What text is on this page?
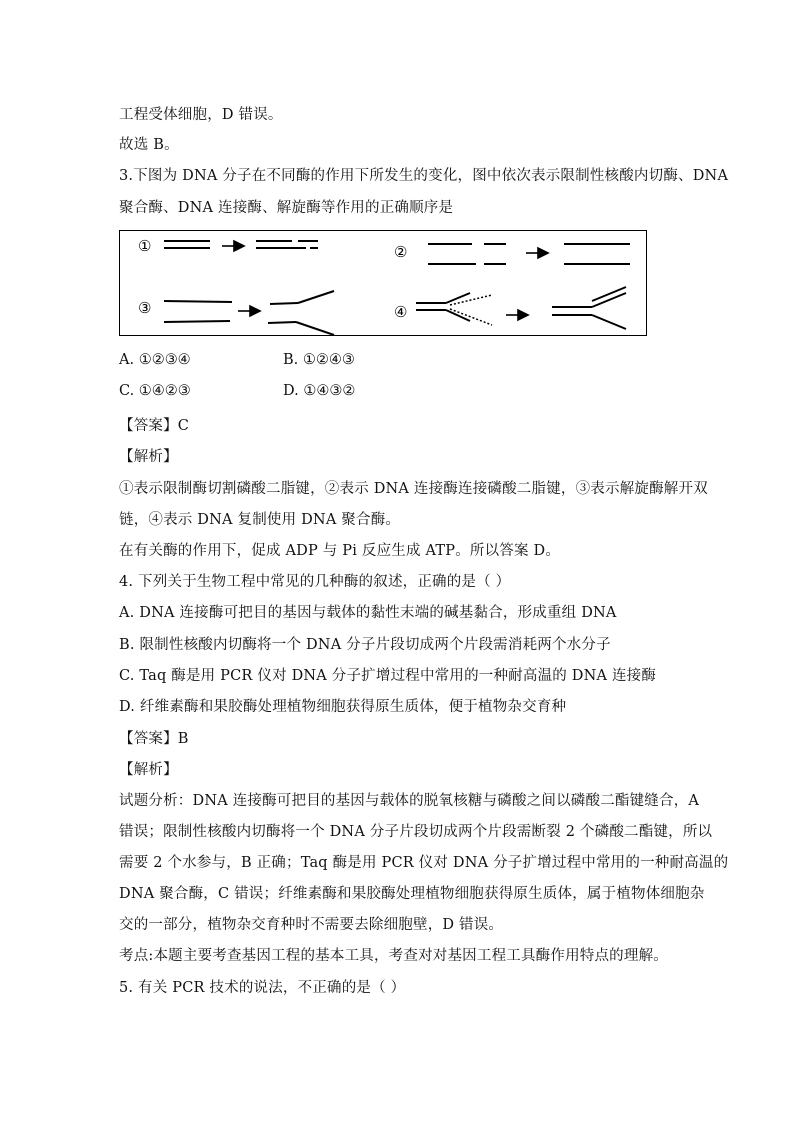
工程受体细胞，D 错误。
故选 B。
3.下图为 DNA 分子在不同酶的作用下所发生的变化，图中依次表示限制性核酸内切酶、DNA
聚合酶、DNA 连接酶、解旋酶等作用的正确顺序是
①	②
③	④
A. ①②③④	B. ①②④③
C. ①④②③	D. ①④③②
【答案】C
【解析】
①表示限制酶切割磷酸二脂键，②表示 DNA 连接酶连接磷酸二脂键，③表示解旋酶解开双
链，④表示 DNA 复制使用 DNA 聚合酶。
在有关酶的作用下，促成 ADP 与 Pi 反应生成 ATP。所以答案 D。
4. 下列关于生物工程中常见的几种酶的叙述，正确的是（ ）
A. DNA 连接酶可把目的基因与载体的黏性末端的碱基黏合，形成重组 DNA
B. 限制性核酸内切酶将一个 DNA 分子片段切成两个片段需消耗两个水分子
C. Taq 酶是用 PCR 仪对 DNA 分子扩增过程中常用的一种耐高温的 DNA 连接酶
D. 纤维素酶和果胶酶处理植物细胞获得原生质体，便于植物杂交育种
【答案】B
【解析】
试题分析：DNA 连接酶可把目的基因与载体的脱氧核糖与磷酸之间以磷酸二酯键缝合，A
错误；限制性核酸内切酶将一个 DNA 分子片段切成两个片段需断裂 2 个磷酸二酯键，所以
需要 2 个水参与，B 正确；Taq 酶是用 PCR 仪对 DNA 分子扩增过程中常用的一种耐高温的
DNA 聚合酶，C 错误；纤维素酶和果胶酶处理植物细胞获得原生质体，属于植物体细胞杂
交的一部分，植物杂交育种时不需要去除细胞壁，D 错误。
考点:本题主要考查基因工程的基本工具，考查对对基因工程工具酶作用特点的理解。
5. 有关 PCR 技术的说法，不正确的是（ ）
